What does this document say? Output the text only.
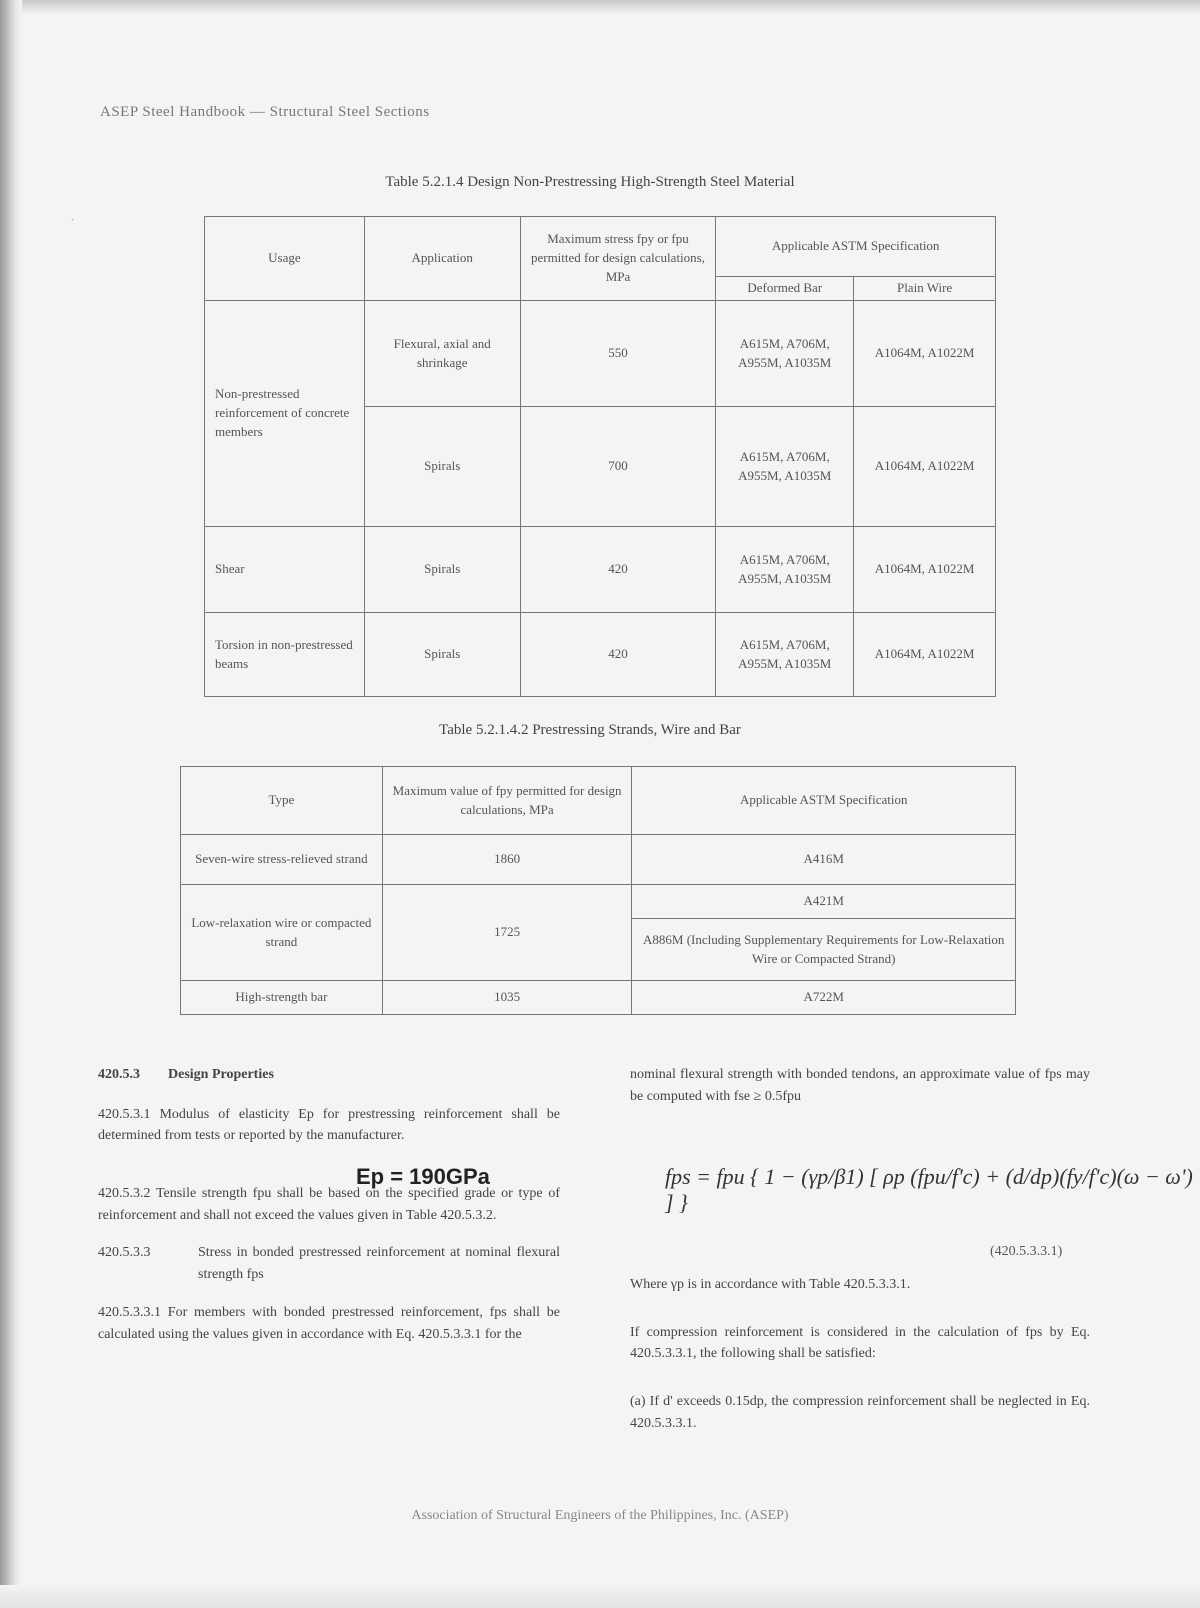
ASEP Steel Handbook — Structural Steel Sections
·
Table 5.2.1.4 Design Non-Prestressing High-Strength Steel Material
Usage	Application	Maximum stress fpy or fpu permitted for design calculations, MPa	Applicable ASTM Specification	
			Deformed Bar	Plain Wire
Non-prestressed reinforcement of concrete members	Flexural, axial and shrinkage	550	A615M, A706M, A955M, A1035M	A1064M, A1022M
	Spirals	700	A615M, A706M, A955M, A1035M	A1064M, A1022M
Shear	Spirals	420	A615M, A706M, A955M, A1035M	A1064M, A1022M
Torsion in non-prestressed beams	Spirals	420	A615M, A706M, A955M, A1035M	A1064M, A1022M
Table 5.2.1.4.2 Prestressing Strands, Wire and Bar
Type	Maximum value of fpy permitted for design calculations, MPa	Applicable ASTM Specification
Seven-wire stress-relieved strand	1860	A416M
Low-relaxation wire or compacted strand	1725	A421M
		A886M (Including Supplementary Requirements for Low-Relaxation Wire or Compacted Strand)
High-strength bar	1035	A722M
420.5.3 Design Properties
420.5.3.1 Modulus of elasticity Ep for prestressing reinforcement shall be determined from tests or reported by the manufacturer.
420.5.3.2 Tensile strength fpu shall be based on the specified grade or type of reinforcement and shall not exceed the values given in Table 420.5.3.2.
420.5.3.3	Stress in bonded prestressed reinforcement at nominal flexural strength fps
420.5.3.3.1 For members with bonded prestressed reinforcement, fps shall be calculated using the values given in accordance with Eq. 420.5.3.3.1 for the
Ep = 190GPa
nominal flexural strength with bonded tendons, an approximate value of fps may be computed with fse ≥ 0.5fpu
fps = fpu { 1 − (γp/β1) [ ρp (fpu/f'c) + (d/dp)(fy/f'c)(ω − ω') ] }
(420.5.3.3.1)
Where γp is in accordance with Table 420.5.3.3.1.
If compression reinforcement is considered in the calculation of fps by Eq. 420.5.3.3.1, the following shall be satisfied:
(a) If d' exceeds 0.15dp, the compression reinforcement shall be neglected in Eq. 420.5.3.3.1.
Association of Structural Engineers of the Philippines, Inc. (ASEP)
